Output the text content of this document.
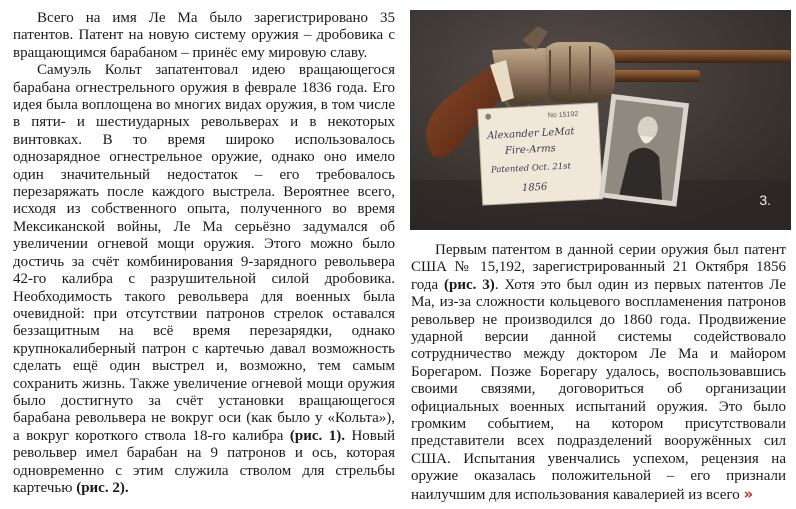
Всего на имя Ле Ма было зарегистрировано 35 патентов. Патент на новую систему оружия – дробовика с вращающимся барабаном – принёс ему мировую славу.

Самуэль Кольт запатентовал идею вращающегося барабана огнестрельного оружия в феврале 1836 года. Его идея была воплощена во многих видах оружия, в том числе в пяти- и шестиударных револьверах и в некоторых винтовках. В то время широко использовалось однозарядное огнестрельное оружие, однако оно имело один значительный недостаток – его требовалось перезаряжать после каждого выстрела. Вероятнее всего, исходя из собственного опыта, полученного во время Мексиканской войны, Ле Ма серьёзно задумался об увеличении огневой мощи оружия. Этого можно было достичь за счёт комбинирования 9-зарядного револьвера 42-го калибра с разрушительной силой дробовика. Необходимость такого револьвера для военных была очевидной: при отсутствии патронов стрелок оставался беззащитным на всё время перезарядки, однако крупнокалиберный патрон с картечью давал возможность сделать ещё один выстрел и, возможно, тем самым сохранить жизнь. Также увеличение огневой мощи оружия было достигнуто за счёт установки вращающегося барабана револьвера не вокруг оси (как было у «Кольта»), а вокруг короткого ствола 18-го калибра (рис. 1). Новый револьвер имел барабан на 9 патронов и ось, которая одновременно с этим служила стволом для стрельбы картечью (рис. 2).

No 15192
Alexander LeMat
Fire-Arms
Patented Oct. 21st
1856
3.

Первым патентом в данной серии оружия был патент США № 15,192, зарегистрированный 21 Октября 1856 года (рис. 3). Хотя это был один из первых патентов Ле Ма, из-за сложности кольцевого воспламенения патронов револьвер не производился до 1860 года. Продвижение ударной версии данной системы содействовало сотрудничество между доктором Ле Ма и майором Борегаром. Позже Борегару удалось, воспользовавшись своими связями, договориться об организации официальных военных испытаний оружия. Это было громким событием, на котором присутствовали представители всех подразделений вооружённых сил США. Испытания увенчались успехом, рецензия на оружие оказалась положительной – его признали наилучшим для использования кавалерией из всего »
